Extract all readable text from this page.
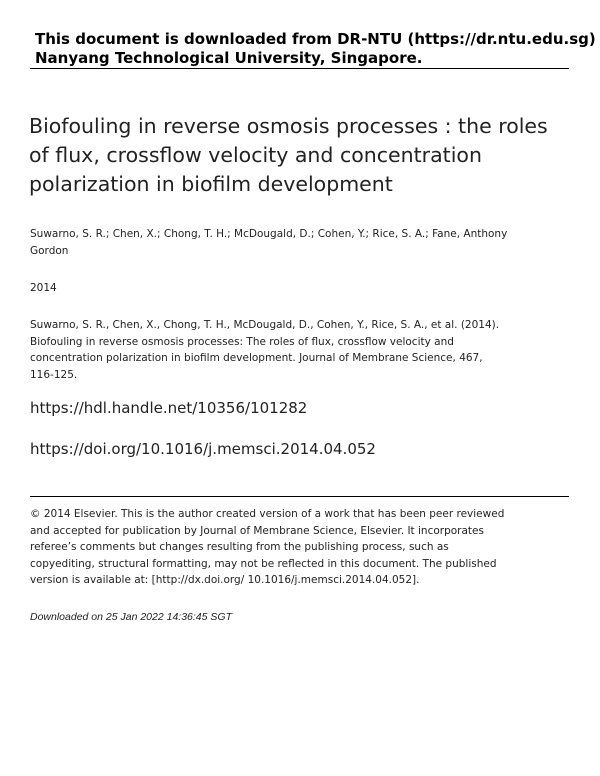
This document is downloaded from DR-NTU (https://dr.ntu.edu.sg)
Nanyang Technological University, Singapore.
Biofouling in reverse osmosis processes : the roles
of flux, crossflow velocity and concentration
polarization in biofilm development
Suwarno, S. R.; Chen, X.; Chong, T. H.; McDougald, D.; Cohen, Y.; Rice, S. A.; Fane, Anthony
Gordon
2014
Suwarno, S. R., Chen, X., Chong, T. H., McDougald, D., Cohen, Y., Rice, S. A., et al. (2014).
Biofouling in reverse osmosis processes: The roles of flux, crossflow velocity and
concentration polarization in biofilm development. Journal of Membrane Science, 467,
116-125.
https://hdl.handle.net/10356/101282
https://doi.org/10.1016/j.memsci.2014.04.052
© 2014 Elsevier. This is the author created version of a work that has been peer reviewed
and accepted for publication by Journal of Membrane Science, Elsevier. It incorporates
referee’s comments but changes resulting from the publishing process, such as
copyediting, structural formatting, may not be reflected in this document. The published
version is available at: [http://dx.doi.org/ 10.1016/j.memsci.2014.04.052].
Downloaded on 25 Jan 2022 14:36:45 SGT
